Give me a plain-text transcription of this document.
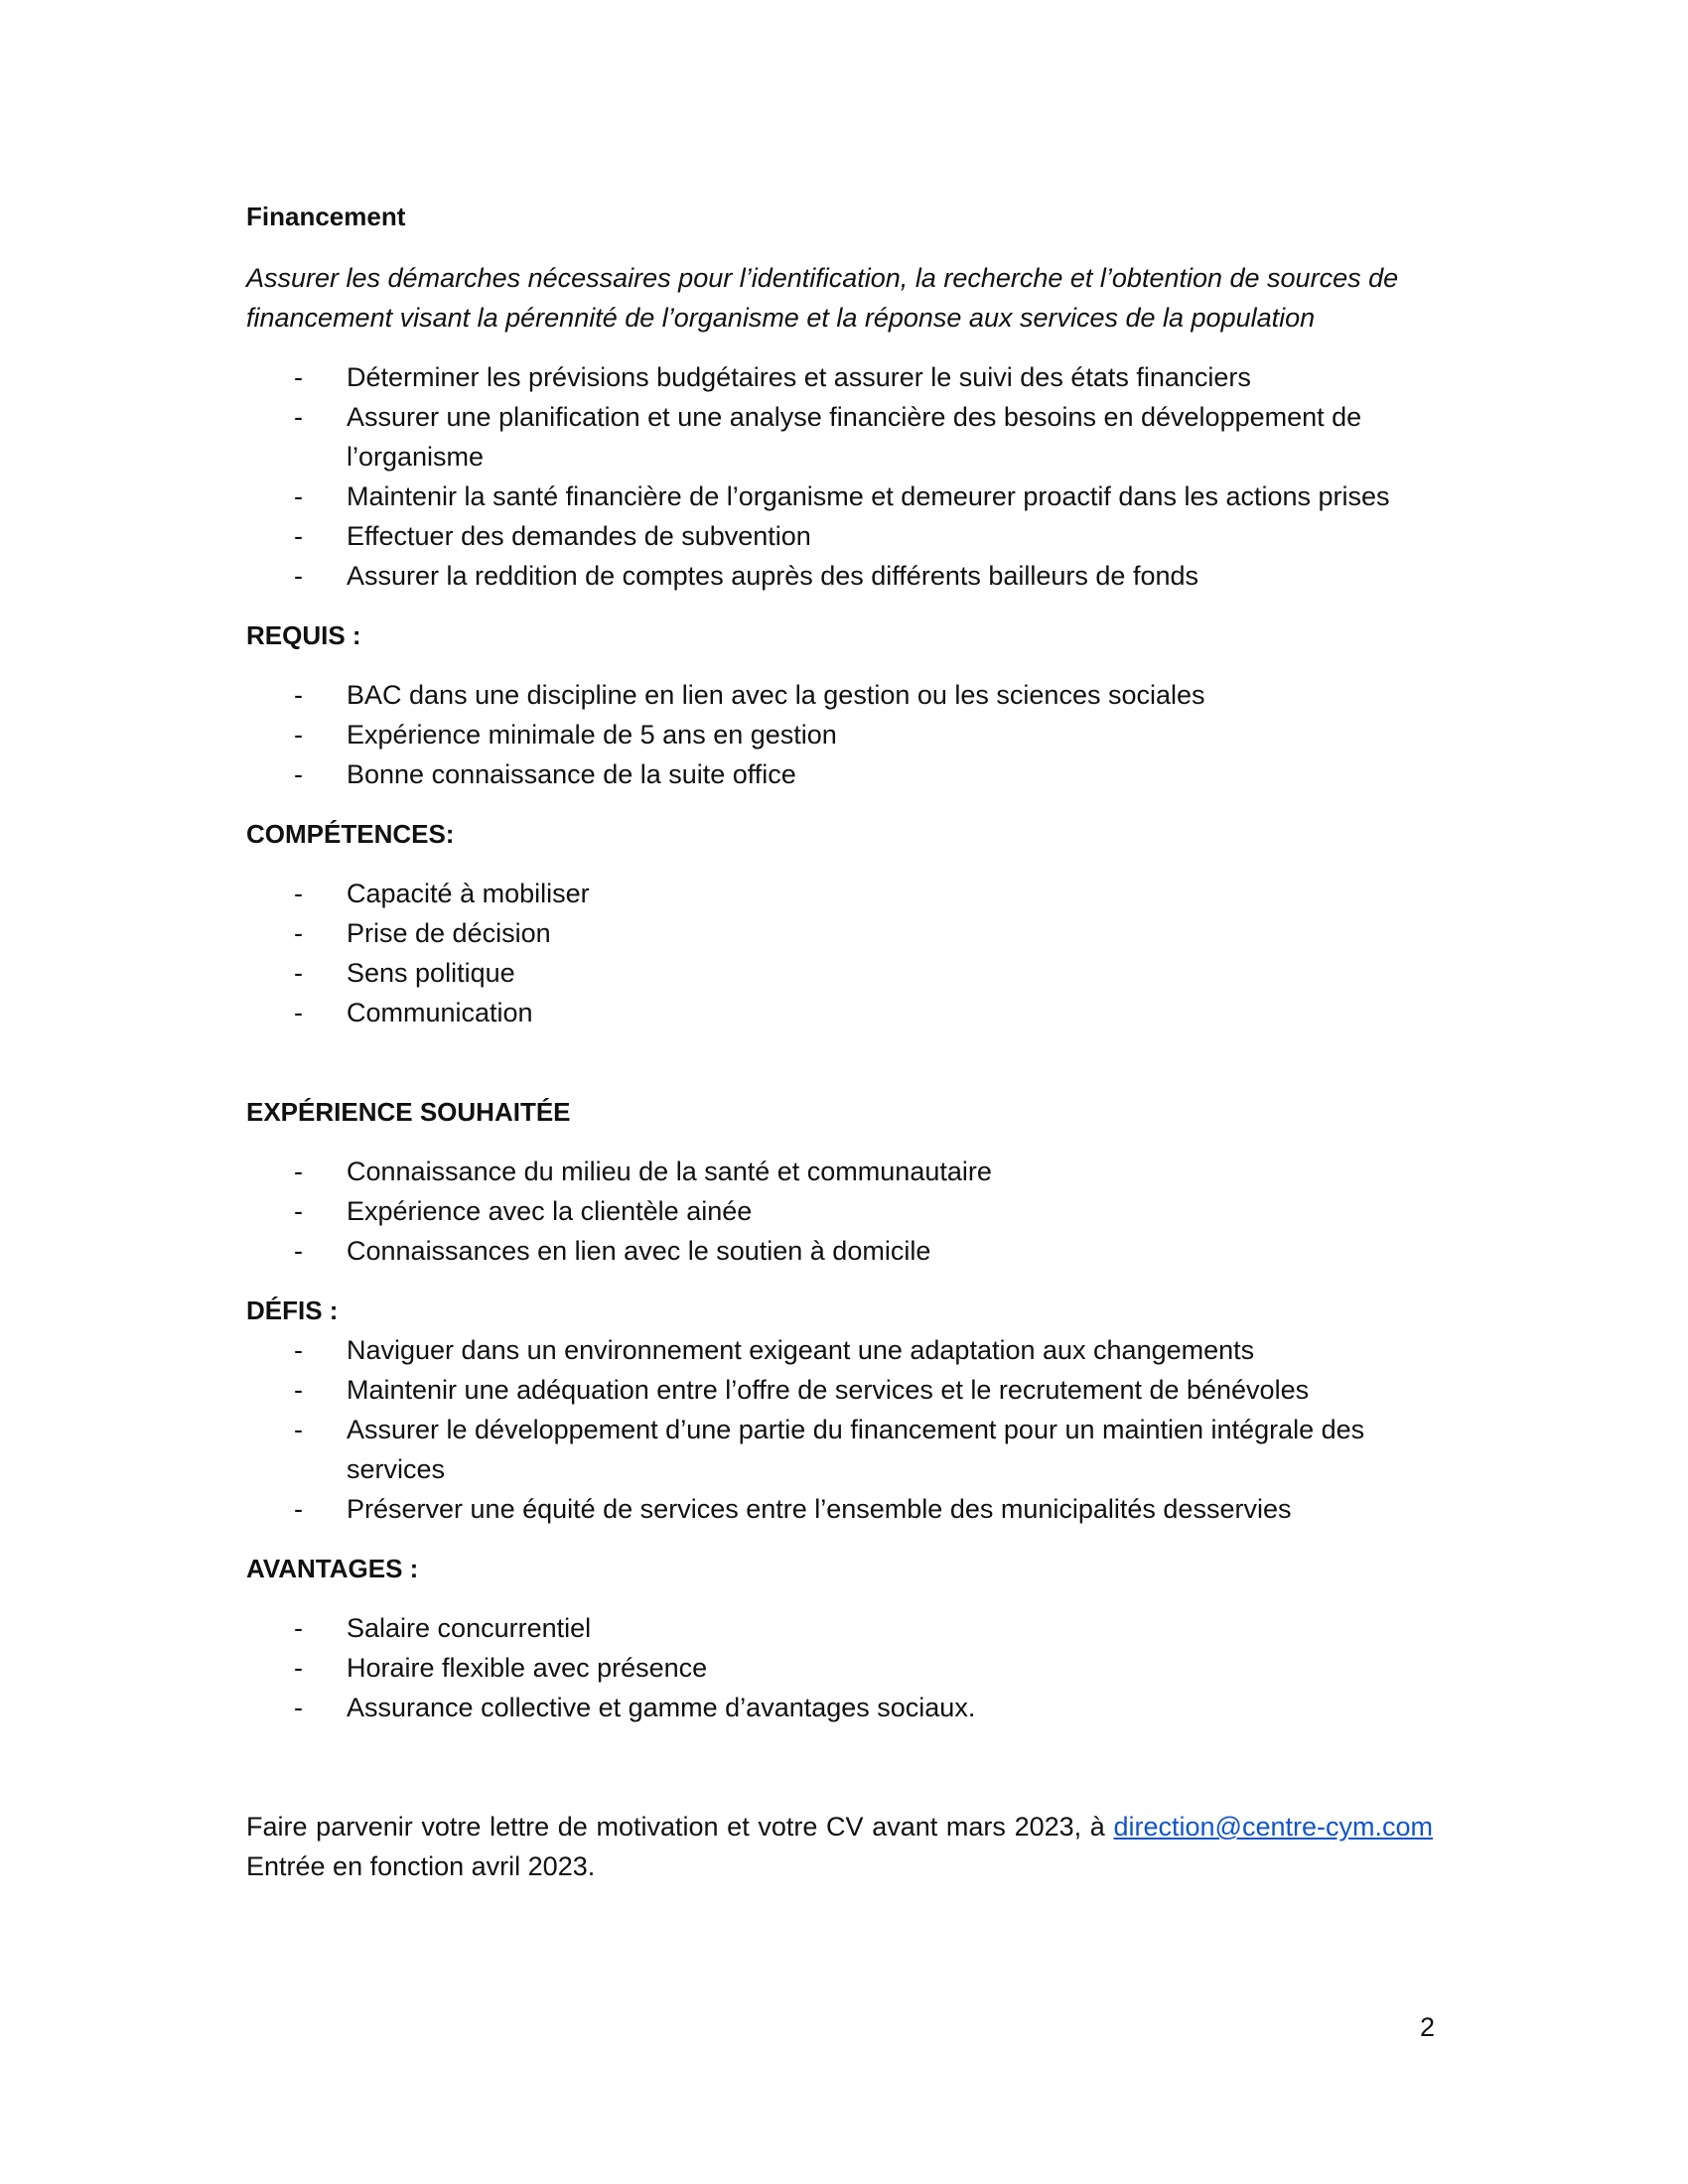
Financement
Assurer les démarches nécessaires pour l’identification, la recherche et l’obtention de sources de financement visant la pérennité de l’organisme et la réponse aux services de la population
- Déterminer les prévisions budgétaires et assurer le suivi des états financiers
- Assurer une planification et une analyse financière des besoins en développement de l’organisme
- Maintenir la santé financière de l’organisme et demeurer proactif dans les actions prises
- Effectuer des demandes de subvention
- Assurer la reddition de comptes auprès des différents bailleurs de fonds
REQUIS :
- BAC dans une discipline en lien avec la gestion ou les sciences sociales
- Expérience minimale de 5 ans en gestion
- Bonne connaissance de la suite office
COMPÉTENCES:
- Capacité à mobiliser
- Prise de décision
- Sens politique
- Communication
EXPÉRIENCE SOUHAITÉE
- Connaissance du milieu de la santé et communautaire
- Expérience avec la clientèle ainée
- Connaissances en lien avec le soutien à domicile
DÉFIS :
- Naviguer dans un environnement exigeant une adaptation aux changements
- Maintenir une adéquation entre l’offre de services et le recrutement de bénévoles
- Assurer le développement d’une partie du financement pour un maintien intégrale des services
- Préserver une équité de services entre l’ensemble des municipalités desservies
AVANTAGES :
- Salaire concurrentiel
- Horaire flexible avec présence
- Assurance collective et gamme d’avantages sociaux.
Faire parvenir votre lettre de motivation et votre CV avant mars 2023, à direction@centre-cym.com  Entrée en fonction avril 2023.
2
